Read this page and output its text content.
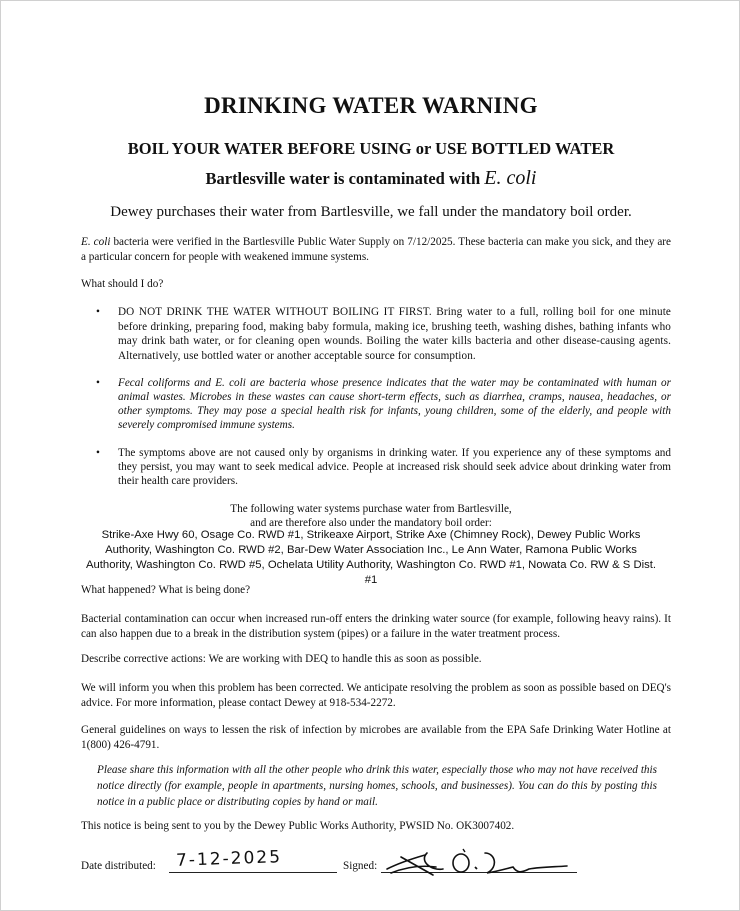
DRINKING WATER WARNING
BOIL YOUR WATER BEFORE USING or USE BOTTLED WATER
Bartlesville water is contaminated with E. coli
Dewey purchases their water from Bartlesville, we fall under the mandatory boil order.
E. coli bacteria were verified in the Bartlesville Public Water Supply on 7/12/2025. These bacteria can make you sick, and they are a particular concern for people with weakened immune systems.
What should I do?
•	DO NOT DRINK THE WATER WITHOUT BOILING IT FIRST. Bring water to a full, rolling boil for one minute before drinking, preparing food, making baby formula, making ice, brushing teeth, washing dishes, bathing infants who may drink bath water, or for cleaning open wounds. Boiling the water kills bacteria and other disease-causing agents. Alternatively, use bottled water or another acceptable source for consumption.
•	Fecal coliforms and E. coli are bacteria whose presence indicates that the water may be contaminated with human or animal wastes. Microbes in these wastes can cause short-term effects, such as diarrhea, cramps, nausea, headaches, or other symptoms. They may pose a special health risk for infants, young children, some of the elderly, and people with severely compromised immune systems.
•	The symptoms above are not caused only by organisms in drinking water. If you experience any of these symptoms and they persist, you may want to seek medical advice. People at increased risk should seek advice about drinking water from their health care providers.
The following water systems purchase water from Bartlesville,
and are therefore also under the mandatory boil order:
Strike-Axe Hwy 60, Osage Co. RWD #1, Strikeaxe Airport, Strike Axe (Chimney Rock), Dewey Public Works Authority, Washington Co. RWD #2, Bar-Dew Water Association Inc., Le Ann Water, Ramona Public Works Authority, Washington Co. RWD #5, Ochelata Utility Authority, Washington Co. RWD #1, Nowata Co. RW & S Dist. #1
What happened? What is being done?
Bacterial contamination can occur when increased run-off enters the drinking water source (for example, following heavy rains). It can also happen due to a break in the distribution system (pipes) or a failure in the water treatment process.
Describe corrective actions: We are working with DEQ to handle this as soon as possible.
We will inform you when this problem has been corrected. We anticipate resolving the problem as soon as possible based on DEQ's advice. For more information, please contact Dewey at 918-534-2272.
General guidelines on ways to lessen the risk of infection by microbes are available from the EPA Safe Drinking Water Hotline at 1(800) 426-4791.
Please share this information with all the other people who drink this water, especially those who may not have received this notice directly (for example, people in apartments, nursing homes, schools, and businesses). You can do this by posting this notice in a public place or distributing copies by hand or mail.
This notice is being sent to you by the Dewey Public Works Authority, PWSID No. OK3007402.
Date distributed: 7-12-2025	Signed:
